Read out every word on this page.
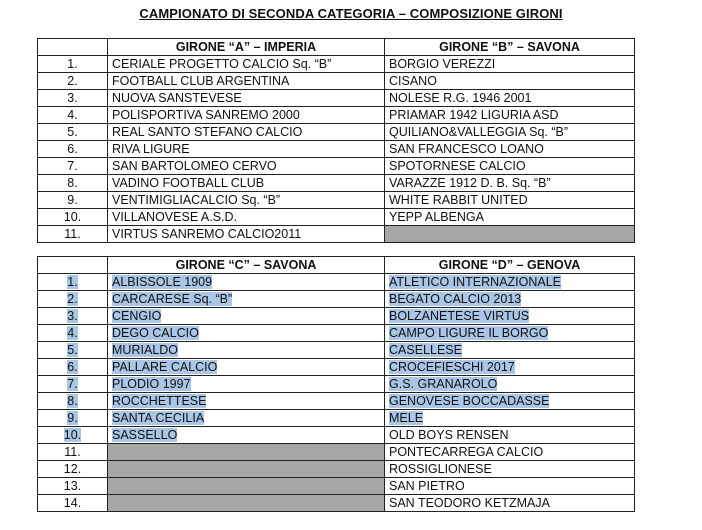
CAMPIONATO DI SECONDA CATEGORIA – COMPOSIZIONE GIRONI
	GIRONE “A” – IMPERIA	GIRONE “B” – SAVONA
1.	CERIALE PROGETTO CALCIO Sq. “B”	BORGIO VEREZZI
2.	FOOTBALL CLUB ARGENTINA	CISANO
3.	NUOVA SANSTEVESE	NOLESE R.G. 1946 2001
4.	POLISPORTIVA SANREMO 2000	PRIAMAR 1942 LIGURIA ASD
5.	REAL SANTO STEFANO CALCIO	QUILIANO&VALLEGGIA Sq. “B”
6.	RIVA LIGURE	SAN FRANCESCO LOANO
7.	SAN BARTOLOMEO CERVO	SPOTORNESE CALCIO
8.	VADINO FOOTBALL CLUB	VARAZZE 1912 D. B. Sq. “B”
9.	VENTIMIGLIACALCIO Sq. “B”	WHITE RABBIT UNITED
10.	VILLANOVESE A.S.D.	YEPP ALBENGA
11.	VIRTUS SANREMO CALCIO2011	
	GIRONE “C” – SAVONA	GIRONE “D” – GENOVA
1.	ALBISSOLE 1909	ATLETICO INTERNAZIONALE
2.	CARCARESE Sq. “B”	BEGATO CALCIO 2013
3.	CENGIO	BOLZANETESE VIRTUS
4.	DEGO CALCIO	CAMPO LIGURE IL BORGO
5.	MURIALDO	CASELLESE
6.	PALLARE CALCIO	CROCEFIESCHI 2017
7.	PLODIO 1997	G.S. GRANAROLO
8.	ROCCHETTESE	GENOVESE BOCCADASSE
9.	SANTA CECILIA	MELE
10.	SASSELLO	OLD BOYS RENSEN
11.		PONTECARREGA CALCIO
12.		ROSSIGLIONESE
13.		SAN PIETRO
14.		SAN TEODORO KETZMAJA
